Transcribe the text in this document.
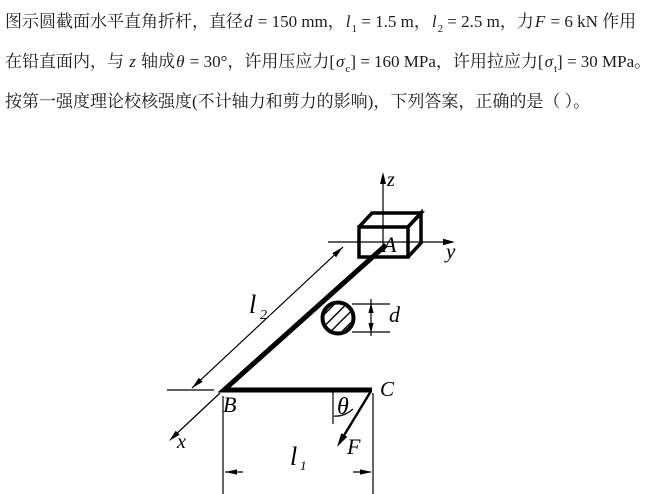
图示圆截面水平直角折杆，直径d = 150 mm，$l_1 = 1.5$ m，$l_2 = 2.5$ m，力F = 6 kN 作用
在铅直面内，与 z 轴成θ = 30°，许用压应力$[\sigma_c] = 160$ MPa，许用拉应力$[\sigma_t] = 30$ MPa。
按第一强度理论校核强度(不计轴力和剪力的影响)，下列答案，正确的是（ ）。
z
y
x
A
B
C
l 2
l 1
d
θ
F
